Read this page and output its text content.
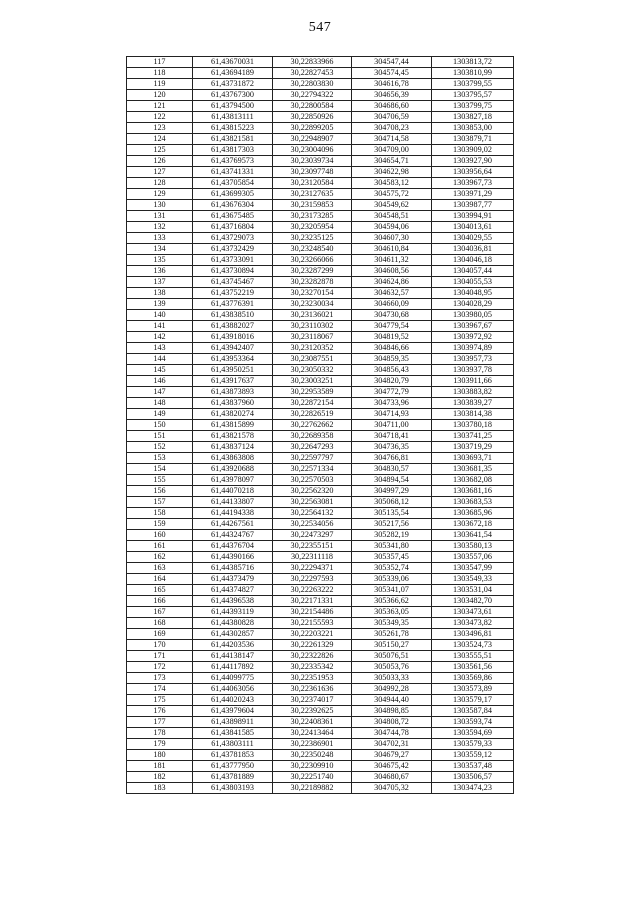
547
117	61,43670031	30,22833966	304547,44	1303813,72
118	61,43694189	30,22827453	304574,45	1303810,99
119	61,43731872	30,22803830	304616,78	1303799,55
120	61,43767300	30,22794322	304656,39	1303795,57
121	61,43794500	30,22800584	304686,60	1303799,75
122	61,43813111	30,22850926	304706,59	1303827,18
123	61,43815223	30,22899205	304708,23	1303853,00
124	61,43821581	30,22948907	304714,58	1303879,71
125	61,43817303	30,23004096	304709,00	1303909,02
126	61,43769573	30,23039734	304654,71	1303927,90
127	61,43741331	30,23097748	304622,98	1303956,64
128	61,43705854	30,23120584	304583,12	1303967,73
129	61,43699305	30,23127635	304575,72	1303971,29
130	61,43676304	30,23159853	304549,62	1303987,77
131	61,43675485	30,23173285	304548,51	1303994,91
132	61,43716804	30,23205954	304594,06	1304013,61
133	61,43729073	30,23235125	304607,30	1304029,55
134	61,43732429	30,23248540	304610,84	1304036,81
135	61,43733091	30,23266066	304611,32	1304046,18
136	61,43730894	30,23287299	304608,56	1304057,44
137	61,43745467	30,23282878	304624,86	1304055,53
138	61,43752219	30,23270154	304632,57	1304048,95
139	61,43776391	30,23230034	304660,09	1304028,29
140	61,43838510	30,23136021	304730,68	1303980,05
141	61,43882027	30,23110302	304779,54	1303967,67
142	61,43918016	30,23118067	304819,52	1303972,92
143	61,43942407	30,23120352	304846,66	1303974,89
144	61,43953364	30,23087551	304859,35	1303957,73
145	61,43950251	30,23050332	304856,43	1303937,78
146	61,43917637	30,23003251	304820,79	1303911,66
147	61,43873893	30,22953589	304772,79	1303883,82
148	61,43837960	30,22872154	304733,96	1303839,27
149	61,43820274	30,22826519	304714,93	1303814,38
150	61,43815899	30,22762662	304711,00	1303780,18
151	61,43821578	30,22689358	304718,41	1303741,25
152	61,43837124	30,22647293	304736,35	1303719,29
153	61,43863808	30,22597797	304766,81	1303693,71
154	61,43920688	30,22571334	304830,57	1303681,35
155	61,43978097	30,22570503	304894,54	1303682,08
156	61,44070218	30,22562320	304997,29	1303681,16
157	61,44133807	30,22563081	305068,12	1303683,53
158	61,44194338	30,22564132	305135,54	1303685,96
159	61,44267561	30,22534056	305217,56	1303672,18
160	61,44324767	30,22473297	305282,19	1303641,54
161	61,44376704	30,22355151	305341,80	1303580,13
162	61,44390166	30,22311118	305357,45	1303557,06
163	61,44385716	30,22294371	305352,74	1303547,99
164	61,44373479	30,22297593	305339,06	1303549,33
165	61,44374827	30,22263222	305341,07	1303531,04
166	61,44396538	30,22171331	305366,62	1303482,70
167	61,44393119	30,22154486	305363,05	1303473,61
168	61,44380828	30,22155593	305349,35	1303473,82
169	61,44302857	30,22203221	305261,78	1303496,81
170	61,44203536	30,22261329	305150,27	1303524,73
171	61,44138147	30,22322826	305076,51	1303555,51
172	61,44117892	30,22335342	305053,76	1303561,56
173	61,44099775	30,22351953	305033,33	1303569,86
174	61,44063056	30,22361636	304992,28	1303573,89
175	61,44020243	30,22374017	304944,40	1303579,17
176	61,43979604	30,22392625	304898,85	1303587,84
177	61,43898911	30,22408361	304808,72	1303593,74
178	61,43841585	30,22413464	304744,78	1303594,69
179	61,43803111	30,22386901	304702,31	1303579,33
180	61,43781853	30,22350248	304679,27	1303559,12
181	61,43777950	30,22309910	304675,42	1303537,48
182	61,43781889	30,22251740	304680,67	1303506,57
183	61,43803193	30,22189882	304705,32	1303474,23
